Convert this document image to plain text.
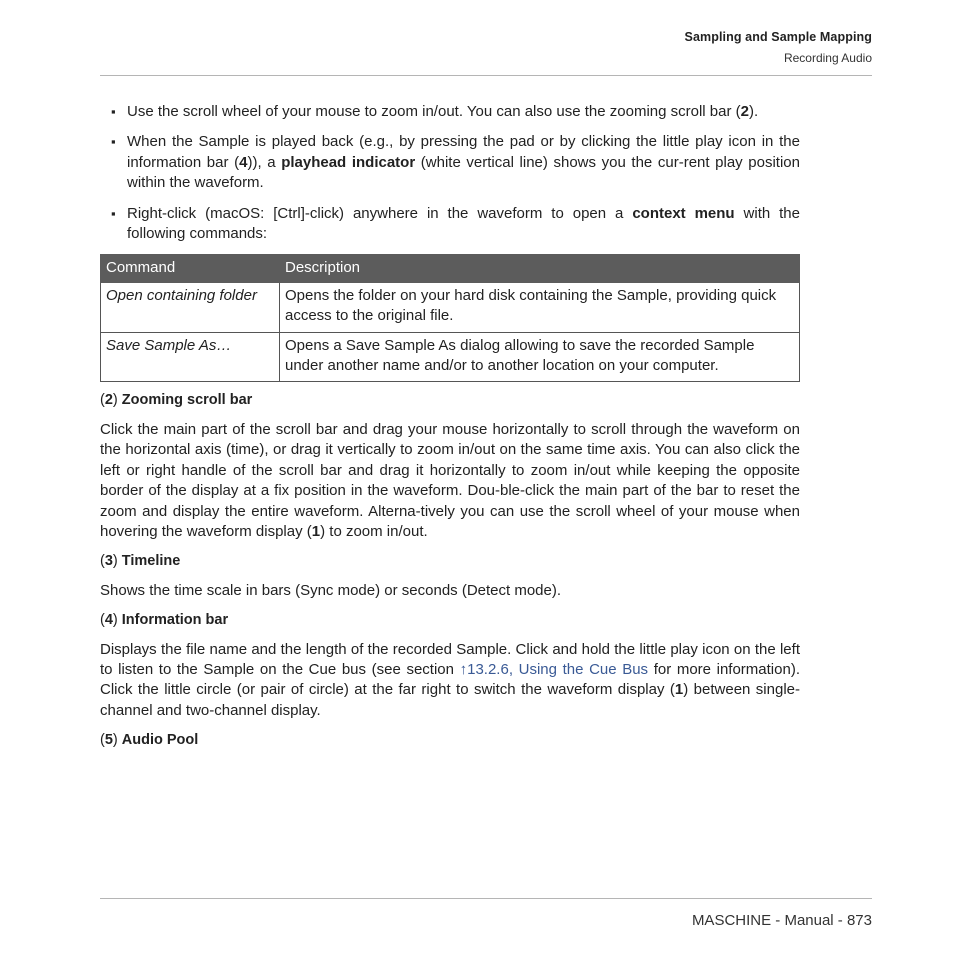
Sampling and Sample Mapping
Recording Audio
▪ Use the scroll wheel of your mouse to zoom in/out. You can also use the zooming scroll bar (2).
▪ When the Sample is played back (e.g., by pressing the pad or by clicking the little play icon in the information bar (4)), a playhead indicator (white vertical line) shows you the cur-rent play position within the waveform.
▪ Right-click (macOS: [Ctrl]-click) anywhere in the waveform to open a context menu with the following commands:
Command	Description
Open containing folder	Opens the folder on your hard disk containing the Sample, providing quick access to the original file.
Save Sample As…	Opens a Save Sample As dialog allowing to save the recorded Sample under another name and/or to another location on your computer.
(2) Zooming scroll bar

Click the main part of the scroll bar and drag your mouse horizontally to scroll through the waveform on the horizontal axis (time), or drag it vertically to zoom in/out on the same time axis. You can also click the left or right handle of the scroll bar and drag it horizontally to zoom in/out while keeping the opposite border of the display at a fix position in the waveform. Dou-ble-click the main part of the bar to reset the zoom and display the entire waveform. Alterna-tively you can use the scroll wheel of your mouse when hovering the waveform display (1) to zoom in/out.

(3) Timeline

Shows the time scale in bars (Sync mode) or seconds (Detect mode).

(4) Information bar

Displays the file name and the length of the recorded Sample. Click and hold the little play icon on the left to listen to the Sample on the Cue bus (see section ↑13.2.6, Using the Cue Bus for more information). Click the little circle (or pair of circle) at the far right to switch the waveform display (1) between single-channel and two-channel display.

(5) Audio Pool
MASCHINE - Manual - 873
